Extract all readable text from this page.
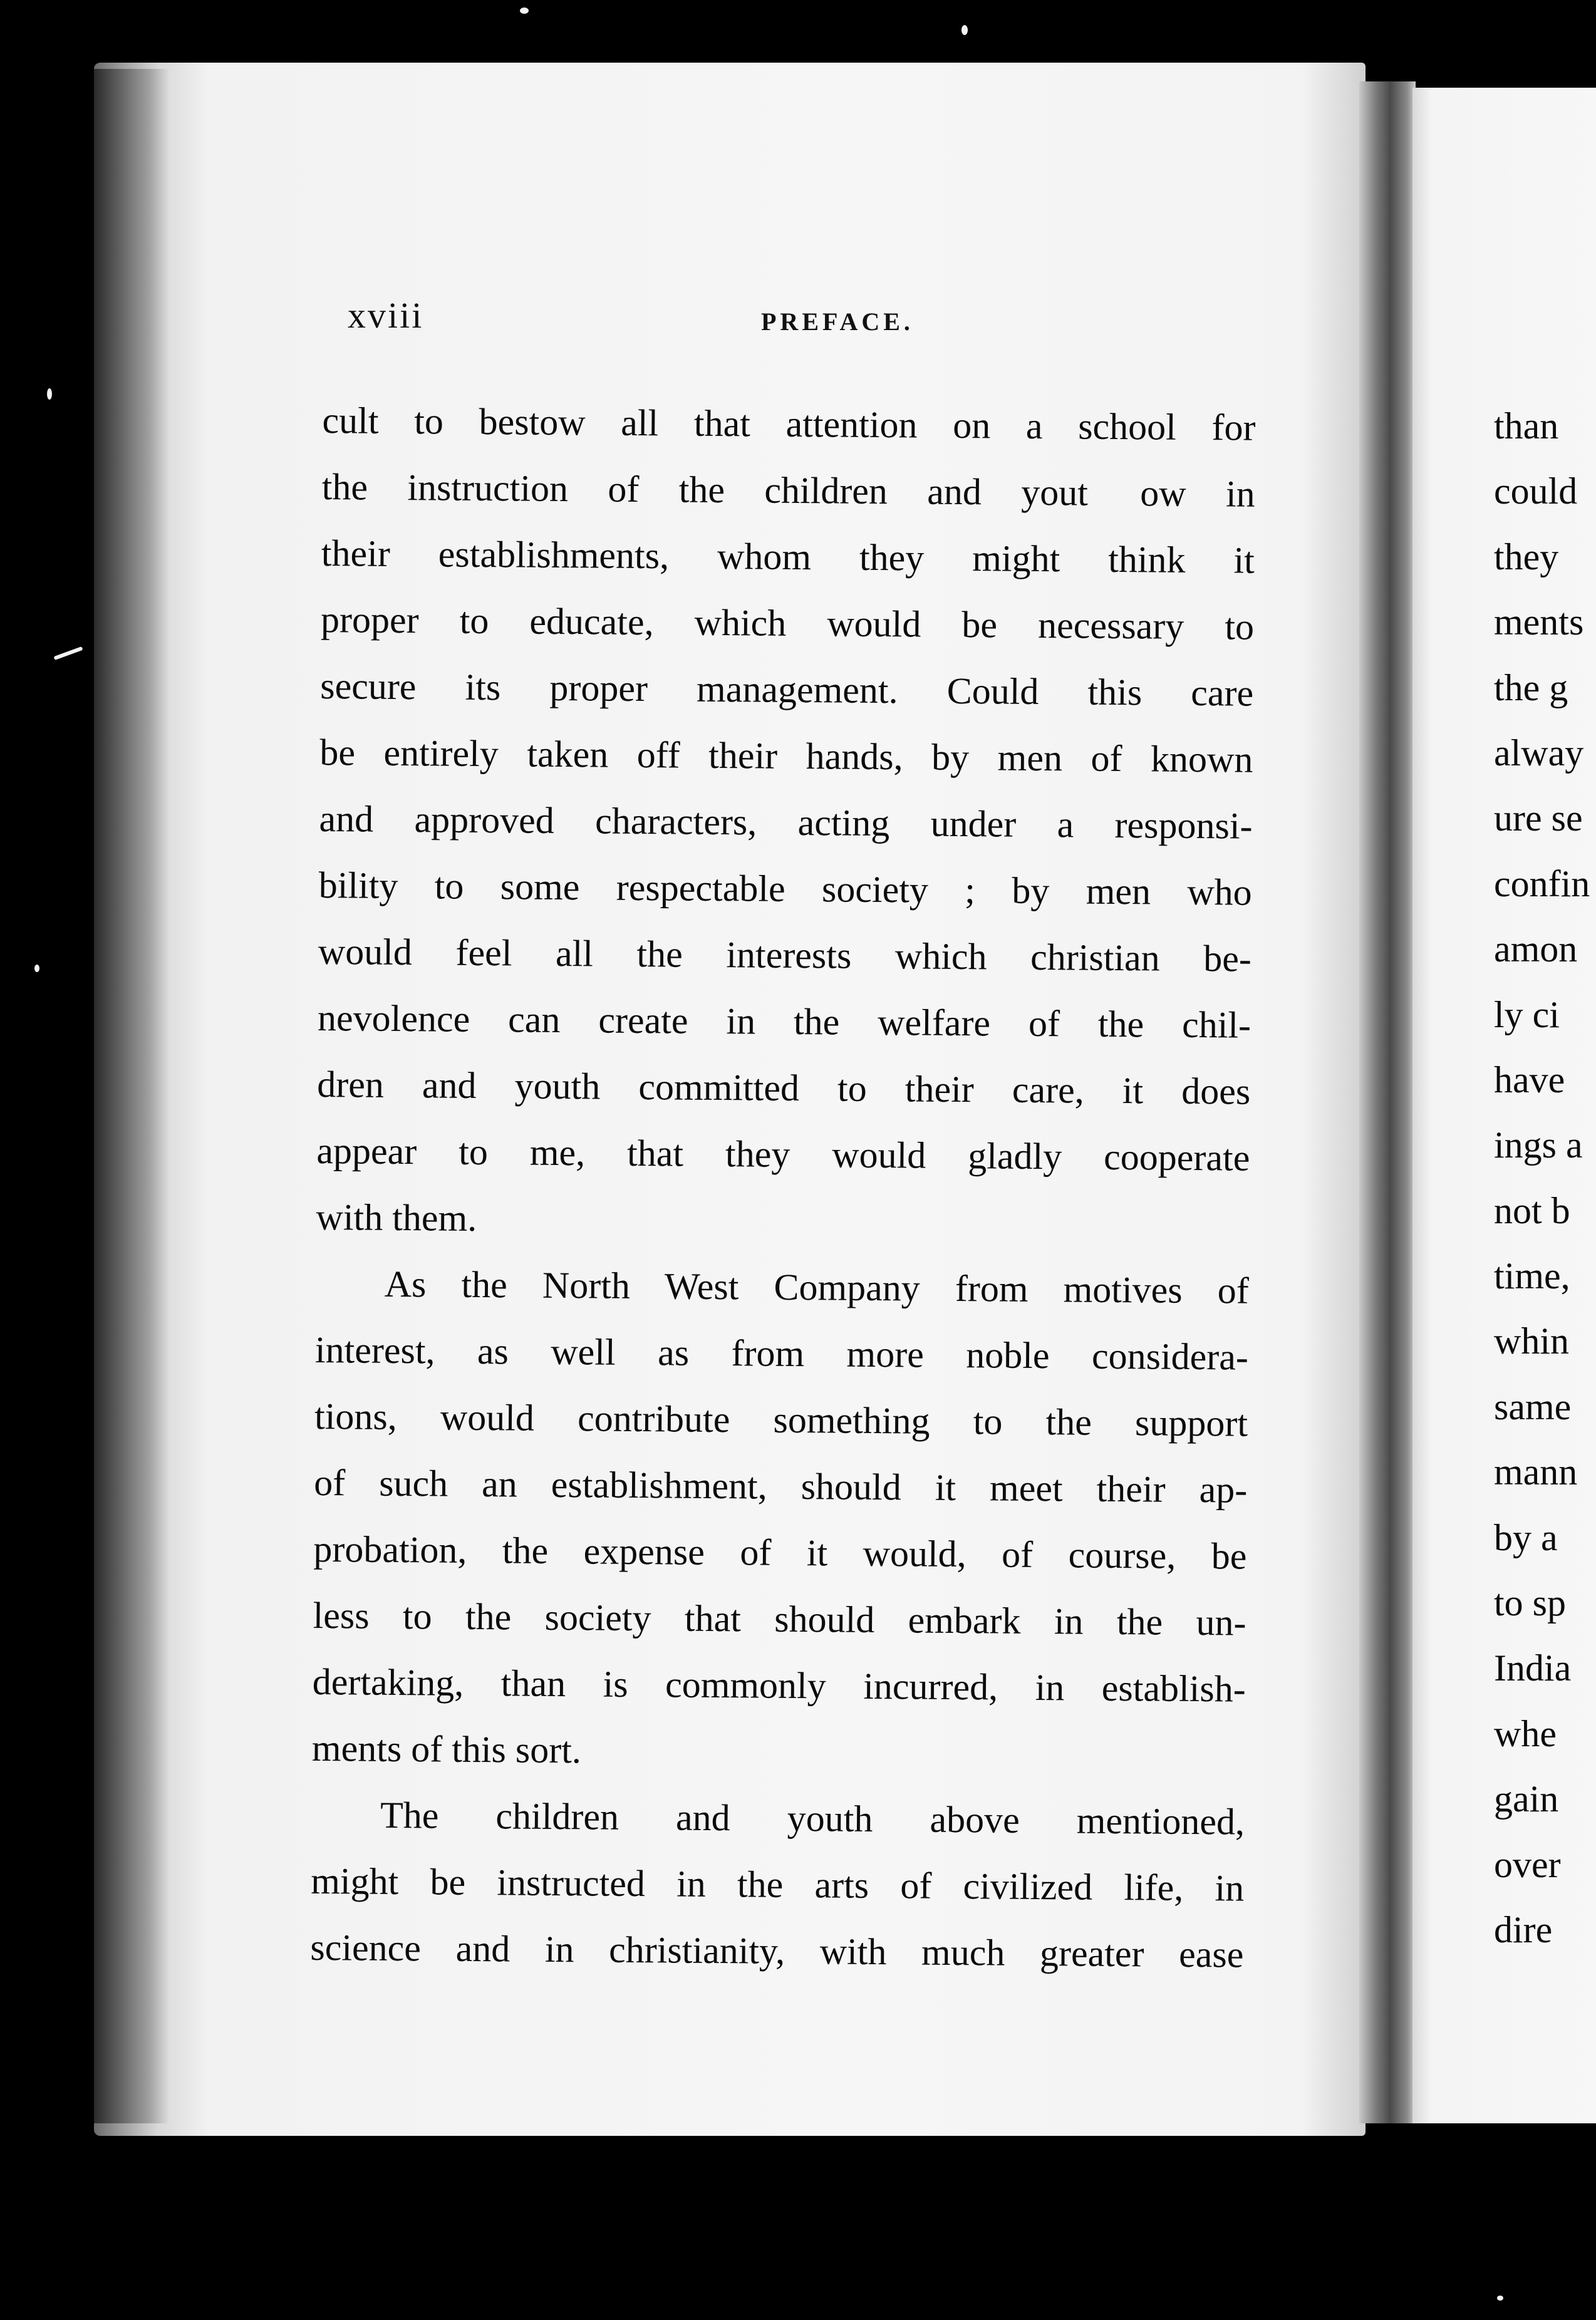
xviii	PREFACE.
cult to bestow all that attention on a school for
the instruction of the children and yout   ow in
their establishments, whom they might think it
proper to educate, which would be necessary to
secure its proper management. Could this care
be entirely taken off their hands, by men of known
and approved characters, acting under a responsi-
bility to some respectable society ; by men who
would feel all the interests which christian be-
nevolence can create in the welfare of the chil-
dren and youth committed to their care, it does
appear to me, that they would gladly cooperate
with them.
As the North West Company from motives of
interest, as well as from more noble considera-
tions, would contribute something to the support
of such an establishment, should it meet their ap-
probation, the expense of it would, of course, be
less to the society that should embark in the un-
dertaking, than is commonly incurred, in establish-
ments of this sort.
The children and youth above mentioned,
might be instructed in the arts of civilized life, in
science and in christianity, with much greater ease
than
could
they
ments
the g
alway
ure se
confin
amon
ly ci
have
ings a
not b
time,
whin
same
mann
by a
to sp
India
whe
gain
over
dire
